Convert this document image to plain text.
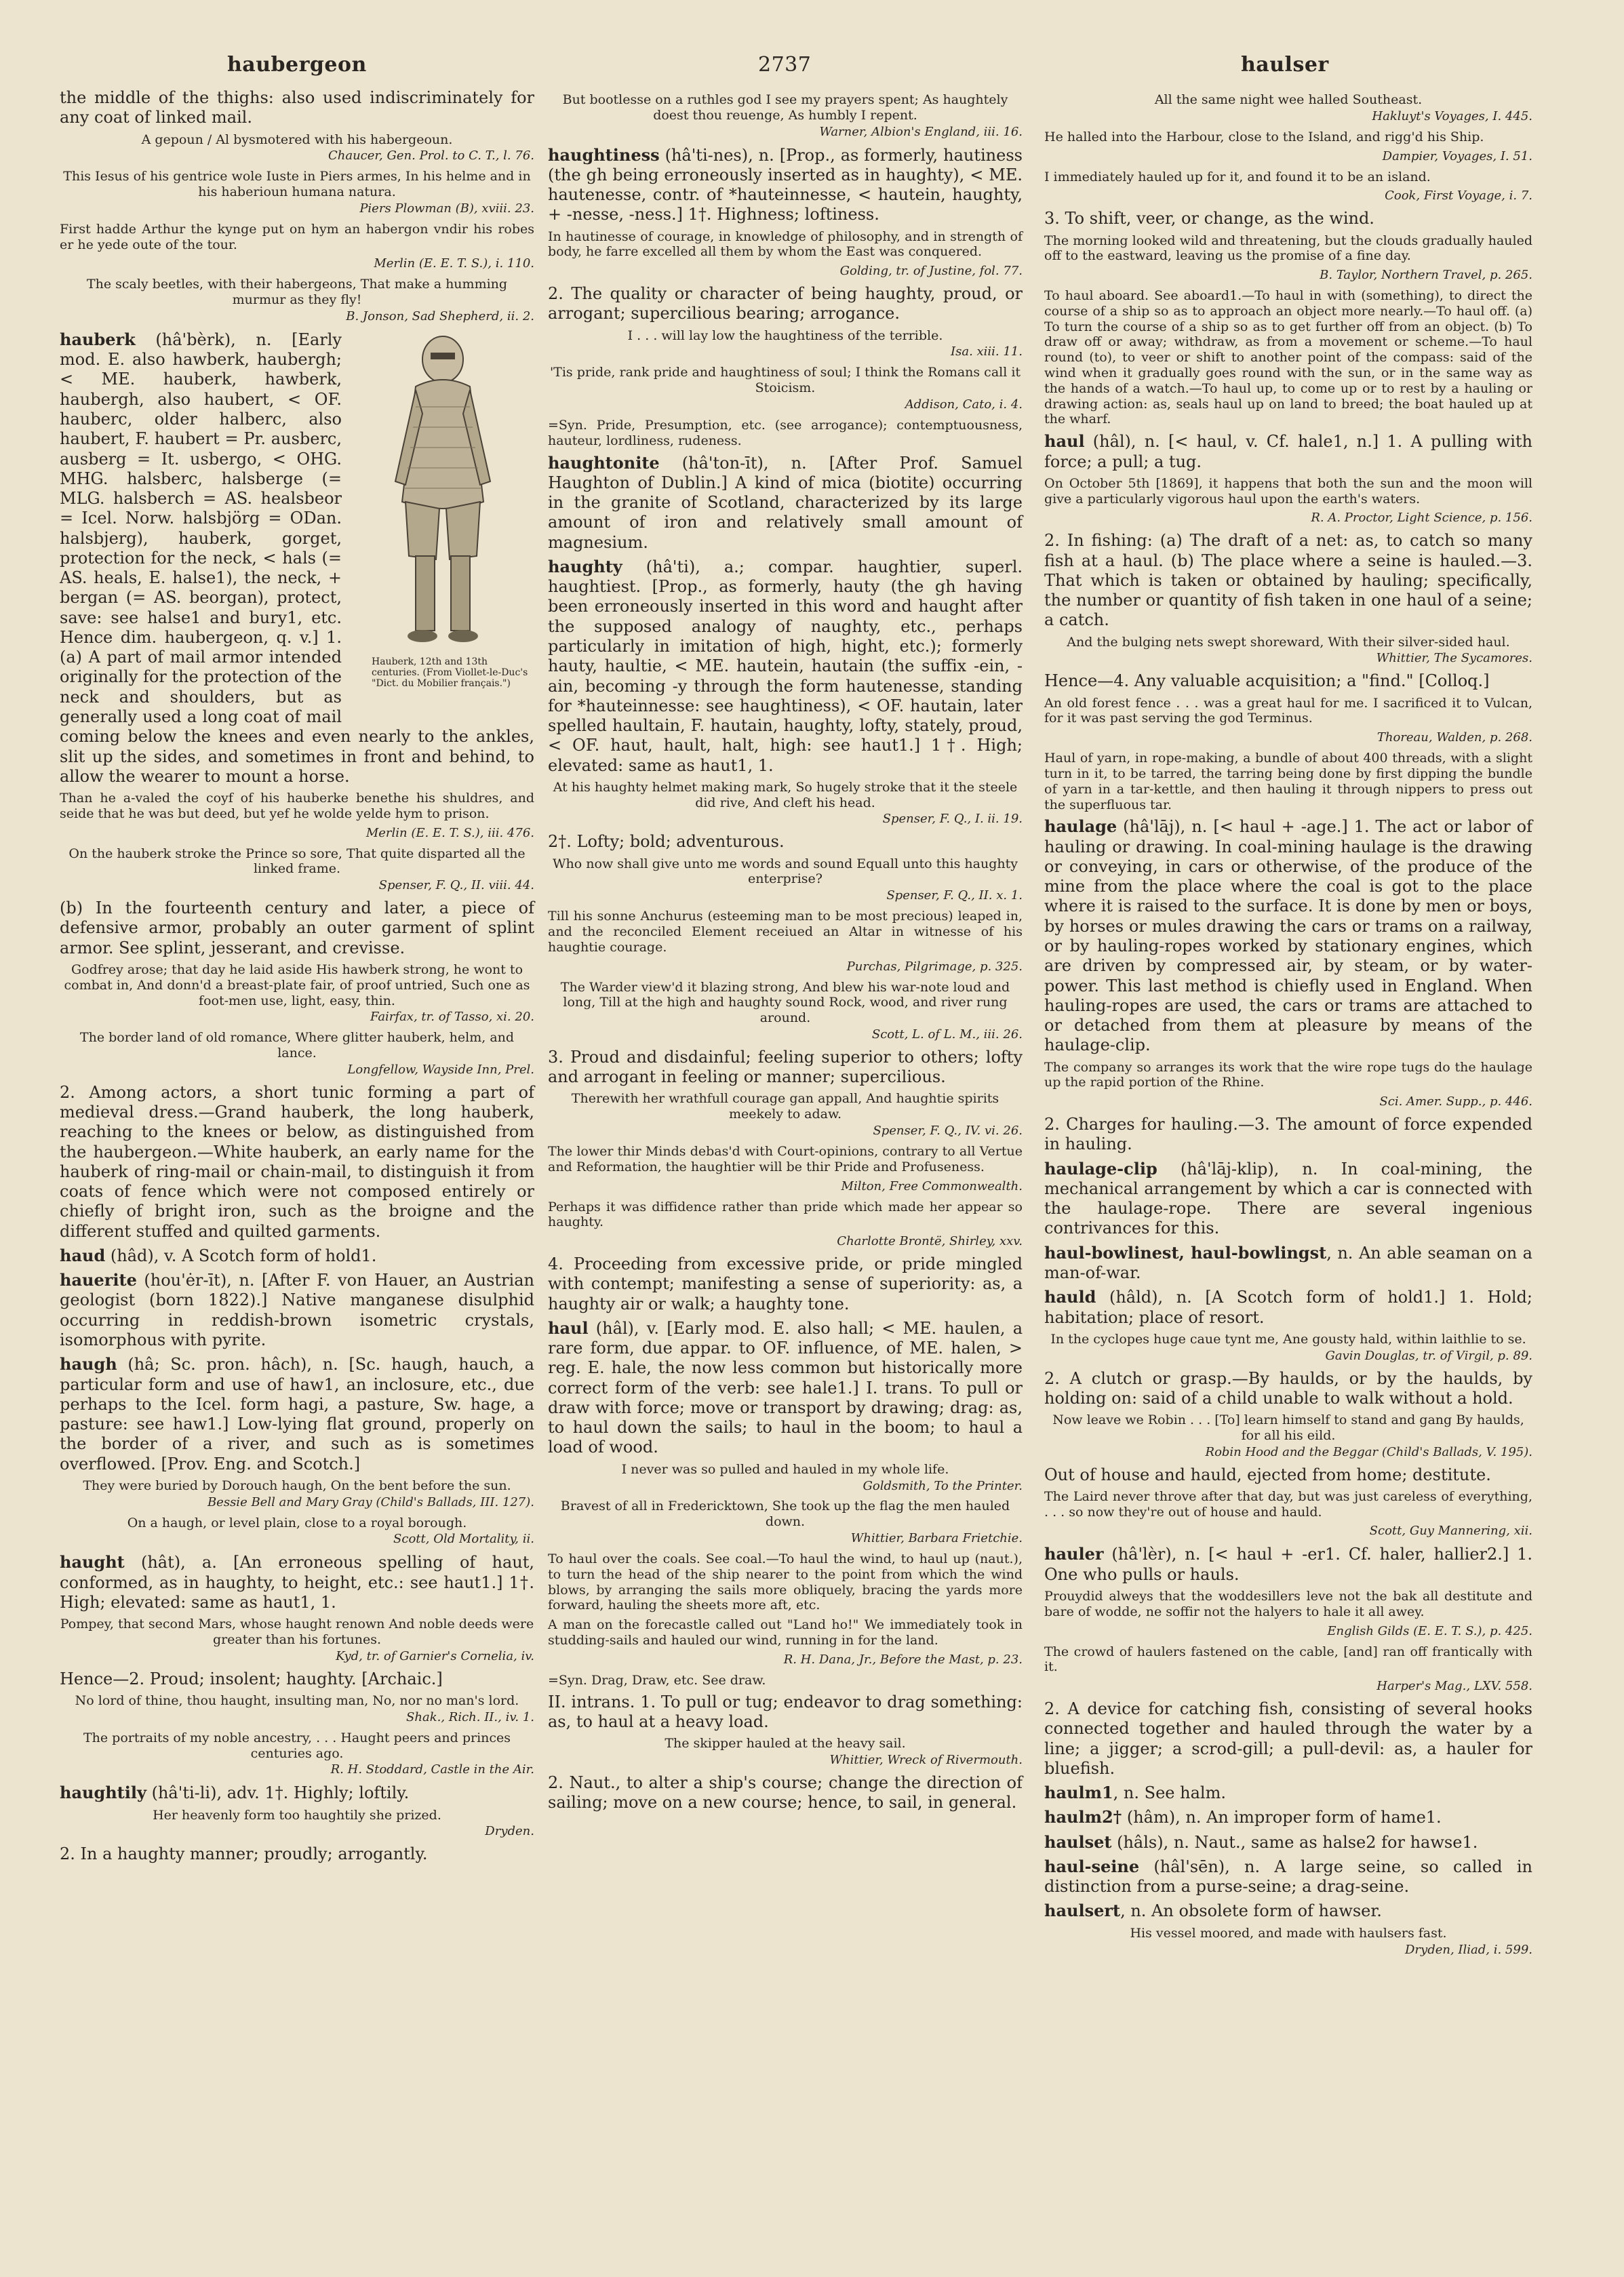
haubergeon	2737	haulser

the middle of the thighs: also used indiscriminately for any coat of linked mail.

A gepoun / Al bysmotered with his habergeoun.
Chaucer, Gen. Prol. to C. T., l. 76.
This Iesus of his gentrice wole Iuste in Piers armes, In his helme and in his haberioun humana natura.
Piers Plowman (B), xviii. 23.
First hadde Arthur the kynge put on hym an habergon vndir his robes er he yede oute of the tour.
Merlin (E. E. T. S.), i. 110.
The scaly beetles, with their habergeons, That make a humming murmur as they fly!
B. Jonson, Sad Shepherd, ii. 2.
Hauberk, 12th and 13th centuries. (From Viollet-le-Duc's "Dict. du Mobilier français.")

hauberk (hâ'bèrk), n. [Early mod. E. also hawberk, haubergh; < ME. hauberk, hawberk, haubergh, also haubert, < OF. hauberc, older halberc, also haubert, F. haubert = Pr. ausberc, ausberg = It. usbergo, < OHG. MHG. halsberc, halsberge (= MLG. halsberch = AS. healsbeor = Icel. Norw. halsbjörg = ODan. halsbjerg), hauberk, gorget, protection for the neck, < hals (= AS. heals, E. halse1), the neck, + bergan (= AS. beorgan), protect, save: see halse1 and bury1, etc. Hence dim. haubergeon, q. v.] 1. (a) A part of mail armor intended originally for the protection of the neck and shoulders, but as generally used a long coat of mail coming below the knees and even nearly to the ankles, slit up the sides, and sometimes in front and behind, to allow the wearer to mount a horse.

Than he a-valed the coyf of his hauberke benethe his shuldres, and seide that he was but deed, but yef he wolde yelde hym to prison.
Merlin (E. E. T. S.), iii. 476.
On the hauberk stroke the Prince so sore, That quite disparted all the linked frame.
Spenser, F. Q., II. viii. 44.

(b) In the fourteenth century and later, a piece of defensive armor, probably an outer garment of splint armor. See splint, jesserant, and crevisse.

Godfrey arose; that day he laid aside His hawberk strong, he wont to combat in, And donn'd a breast-plate fair, of proof untried, Such one as foot-men use, light, easy, thin.
Fairfax, tr. of Tasso, xi. 20.
The border land of old romance, Where glitter hauberk, helm, and lance.
Longfellow, Wayside Inn, Prel.

2. Among actors, a short tunic forming a part of medieval dress.—Grand hauberk, the long hauberk, reaching to the knees or below, as distinguished from the haubergeon.—White hauberk, an early name for the hauberk of ring-mail or chain-mail, to distinguish it from coats of fence which were not composed entirely or chiefly of bright iron, such as the broigne and the different stuffed and quilted garments.

haud (hâd), v. A Scotch form of hold1.

hauerite (hou'ėr-īt), n. [After F. von Hauer, an Austrian geologist (born 1822).] Native manganese disulphid occurring in reddish-brown isometric crystals, isomorphous with pyrite.

haugh (hâ; Sc. pron. hâch), n. [Sc. haugh, hauch, a particular form and use of haw1, an inclosure, etc., due perhaps to the Icel. form hagi, a pasture, Sw. hage, a pasture: see haw1.] Low-lying flat ground, properly on the border of a river, and such as is sometimes overflowed. [Prov. Eng. and Scotch.]

They were buried by Dorouch haugh, On the bent before the sun.
Bessie Bell and Mary Gray (Child's Ballads, III. 127).
On a haugh, or level plain, close to a royal borough.
Scott, Old Mortality, ii.

haught (hât), a. [An erroneous spelling of haut, conformed, as in haughty, to height, etc.: see haut1.] 1†. High; elevated: same as haut1, 1.

Pompey, that second Mars, whose haught renown And noble deeds were greater than his fortunes.
Kyd, tr. of Garnier's Cornelia, iv.

Hence—2. Proud; insolent; haughty. [Archaic.]

No lord of thine, thou haught, insulting man, No, nor no man's lord.
Shak., Rich. II., iv. 1.
The portraits of my noble ancestry, . . . Haught peers and princes centuries ago.
R. H. Stoddard, Castle in the Air.

haughtily (hâ'ti-li), adv. 1†. Highly; loftily.

Her heavenly form too haughtily she prized.
Dryden.

2. In a haughty manner; proudly; arrogantly.

But bootlesse on a ruthles god I see my prayers spent; As haughtely doest thou reuenge, As humbly I repent.
Warner, Albion's England, iii. 16.

haughtiness (hâ'ti-nes), n. [Prop., as formerly, hautiness (the gh being erroneously inserted as in haughty), < ME. hautenesse, contr. of *hauteinnesse, < hautein, haughty, + -nesse, -ness.] 1†. Highness; loftiness.

In hautinesse of courage, in knowledge of philosophy, and in strength of body, he farre excelled all them by whom the East was conquered.
Golding, tr. of Justine, fol. 77.

2. The quality or character of being haughty, proud, or arrogant; supercilious bearing; arrogance.

I . . . will lay low the haughtiness of the terrible.
Isa. xiii. 11.
'Tis pride, rank pride and haughtiness of soul; I think the Romans call it Stoicism.
Addison, Cato, i. 4.
=Syn. Pride, Presumption, etc. (see arrogance); contemptuousness, hauteur, lordliness, rudeness.

haughtonite (hâ'ton-īt), n. [After Prof. Samuel Haughton of Dublin.] A kind of mica (biotite) occurring in the granite of Scotland, characterized by its large amount of iron and relatively small amount of magnesium.

haughty (hâ'ti), a.; compar. haughtier, superl. haughtiest. [Prop., as formerly, hauty (the gh having been erroneously inserted in this word and haught after the supposed analogy of naughty, etc., perhaps particularly in imitation of high, hight, etc.); formerly hauty, haultie, < ME. hautein, hautain (the suffix -ein, -ain, becoming -y through the form hautenesse, standing for *hauteinnesse: see haughtiness), < OF. hautain, later spelled haultain, F. hautain, haughty, lofty, stately, proud, < OF. haut, hault, halt, high: see haut1.] 1†. High; elevated: same as haut1, 1.

At his haughty helmet making mark, So hugely stroke that it the steele did rive, And cleft his head.
Spenser, F. Q., I. ii. 19.

2†. Lofty; bold; adventurous.

Who now shall give unto me words and sound Equall unto this haughty enterprise?
Spenser, F. Q., II. x. 1.
Till his sonne Anchurus (esteeming man to be most precious) leaped in, and the reconciled Element receiued an Altar in witnesse of his haughtie courage.
Purchas, Pilgrimage, p. 325.
The Warder view'd it blazing strong, And blew his war-note loud and long, Till at the high and haughty sound Rock, wood, and river rung around.
Scott, L. of L. M., iii. 26.

3. Proud and disdainful; feeling superior to others; lofty and arrogant in feeling or manner; supercilious.

Therewith her wrathfull courage gan appall, And haughtie spirits meekely to adaw.
Spenser, F. Q., IV. vi. 26.
The lower thir Minds debas'd with Court-opinions, contrary to all Vertue and Reformation, the haughtier will be thir Pride and Profuseness.
Milton, Free Commonwealth.
Perhaps it was diffidence rather than pride which made her appear so haughty.
Charlotte Brontë, Shirley, xxv.

4. Proceeding from excessive pride, or pride mingled with contempt; manifesting a sense of superiority: as, a haughty air or walk; a haughty tone.

haul (hâl), v. [Early mod. E. also hall; < ME. haulen, a rare form, due appar. to OF. influence, of ME. halen, > reg. E. hale, the now less common but historically more correct form of the verb: see hale1.] I. trans. To pull or draw with force; move or transport by drawing; drag: as, to haul down the sails; to haul in the boom; to haul a load of wood.

I never was so pulled and hauled in my whole life.
Goldsmith, To the Printer.
Bravest of all in Fredericktown, She took up the flag the men hauled down.
Whittier, Barbara Frietchie.
To haul over the coals. See coal.—To haul the wind, to haul up (naut.), to turn the head of the ship nearer to the point from which the wind blows, by arranging the sails more obliquely, bracing the yards more forward, hauling the sheets more aft, etc.
A man on the forecastle called out "Land ho!" We immediately took in studding-sails and hauled our wind, running in for the land.
R. H. Dana, Jr., Before the Mast, p. 23.
=Syn. Drag, Draw, etc. See draw.

II. intrans. 1. To pull or tug; endeavor to drag something: as, to haul at a heavy load.

The skipper hauled at the heavy sail.
Whittier, Wreck of Rivermouth.

2. Naut., to alter a ship's course; change the direction of sailing; move on a new course; hence, to sail, in general.

All the same night wee halled Southeast.
Hakluyt's Voyages, I. 445.
He halled into the Harbour, close to the Island, and rigg'd his Ship.
Dampier, Voyages, I. 51.
I immediately hauled up for it, and found it to be an island.
Cook, First Voyage, i. 7.

3. To shift, veer, or change, as the wind.

The morning looked wild and threatening, but the clouds gradually hauled off to the eastward, leaving us the promise of a fine day.
B. Taylor, Northern Travel, p. 265.
To haul aboard. See aboard1.—To haul in with (something), to direct the course of a ship so as to approach an object more nearly.—To haul off. (a) To turn the course of a ship so as to get further off from an object. (b) To draw off or away; withdraw, as from a movement or scheme.—To haul round (to), to veer or shift to another point of the compass: said of the wind when it gradually goes round with the sun, or in the same way as the hands of a watch.—To haul up, to come up or to rest by a hauling or drawing action: as, seals haul up on land to breed; the boat hauled up at the wharf.

haul (hâl), n. [< haul, v. Cf. hale1, n.] 1. A pulling with force; a pull; a tug.

On October 5th [1869], it happens that both the sun and the moon will give a particularly vigorous haul upon the earth's waters.
R. A. Proctor, Light Science, p. 156.

2. In fishing: (a) The draft of a net: as, to catch so many fish at a haul. (b) The place where a seine is hauled.—3. That which is taken or obtained by hauling; specifically, the number or quantity of fish taken in one haul of a seine; a catch.

And the bulging nets swept shoreward, With their silver-sided haul.
Whittier, The Sycamores.

Hence—4. Any valuable acquisition; a "find." [Colloq.]

An old forest fence . . . was a great haul for me. I sacrificed it to Vulcan, for it was past serving the god Terminus.
Thoreau, Walden, p. 268.
Haul of yarn, in rope-making, a bundle of about 400 threads, with a slight turn in it, to be tarred, the tarring being done by first dipping the bundle of yarn in a tar-kettle, and then hauling it through nippers to press out the superfluous tar.

haulage (hâ'lāj), n. [< haul + -age.] 1. The act or labor of hauling or drawing. In coal-mining haulage is the drawing or conveying, in cars or otherwise, of the produce of the mine from the place where the coal is got to the place where it is raised to the surface. It is done by men or boys, by horses or mules drawing the cars or trams on a railway, or by hauling-ropes worked by stationary engines, which are driven by compressed air, by steam, or by water-power. This last method is chiefly used in England. When hauling-ropes are used, the cars or trams are attached to or detached from them at pleasure by means of the haulage-clip.

The company so arranges its work that the wire rope tugs do the haulage up the rapid portion of the Rhine.
Sci. Amer. Supp., p. 446.

2. Charges for hauling.—3. The amount of force expended in hauling.

haulage-clip (hâ'lāj-klip), n. In coal-mining, the mechanical arrangement by which a car is connected with the haulage-rope. There are several ingenious contrivances for this.

haul-bowlinest, haul-bowlingst, n. An able seaman on a man-of-war.

hauld (hâld), n. [A Scotch form of hold1.] 1. Hold; habitation; place of resort.

In the cyclopes huge caue tynt me, Ane gousty hald, within laithlie to se.
Gavin Douglas, tr. of Virgil, p. 89.

2. A clutch or grasp.—By haulds, or by the haulds, by holding on: said of a child unable to walk without a hold.

Now leave we Robin . . . [To] learn himself to stand and gang By haulds, for all his eild.
Robin Hood and the Beggar (Child's Ballads, V. 195).

Out of house and hauld, ejected from home; destitute.

The Laird never throve after that day, but was just careless of everything, . . . so now they're out of house and hauld.
Scott, Guy Mannering, xii.

hauler (hâ'lèr), n. [< haul + -er1. Cf. haler, hallier2.] 1. One who pulls or hauls.

Prouydid alweys that the woddesillers leve not the bak all destitute and bare of wodde, ne soffir not the halyers to hale it all awey.
English Gilds (E. E. T. S.), p. 425.
The crowd of haulers fastened on the cable, [and] ran off frantically with it.
Harper's Mag., LXV. 558.

2. A device for catching fish, consisting of several hooks connected together and hauled through the water by a line; a jigger; a scrod-gill; a pull-devil: as, a hauler for bluefish.

haulm1, n. See halm.

haulm2† (hâm), n. An improper form of hame1.

haulset (hâls), n. Naut., same as halse2 for hawse1.

haul-seine (hâl'sēn), n. A large seine, so called in distinction from a purse-seine; a drag-seine.

haulsert, n. An obsolete form of hawser.

His vessel moored, and made with haulsers fast.
Dryden, Iliad, i. 599.
